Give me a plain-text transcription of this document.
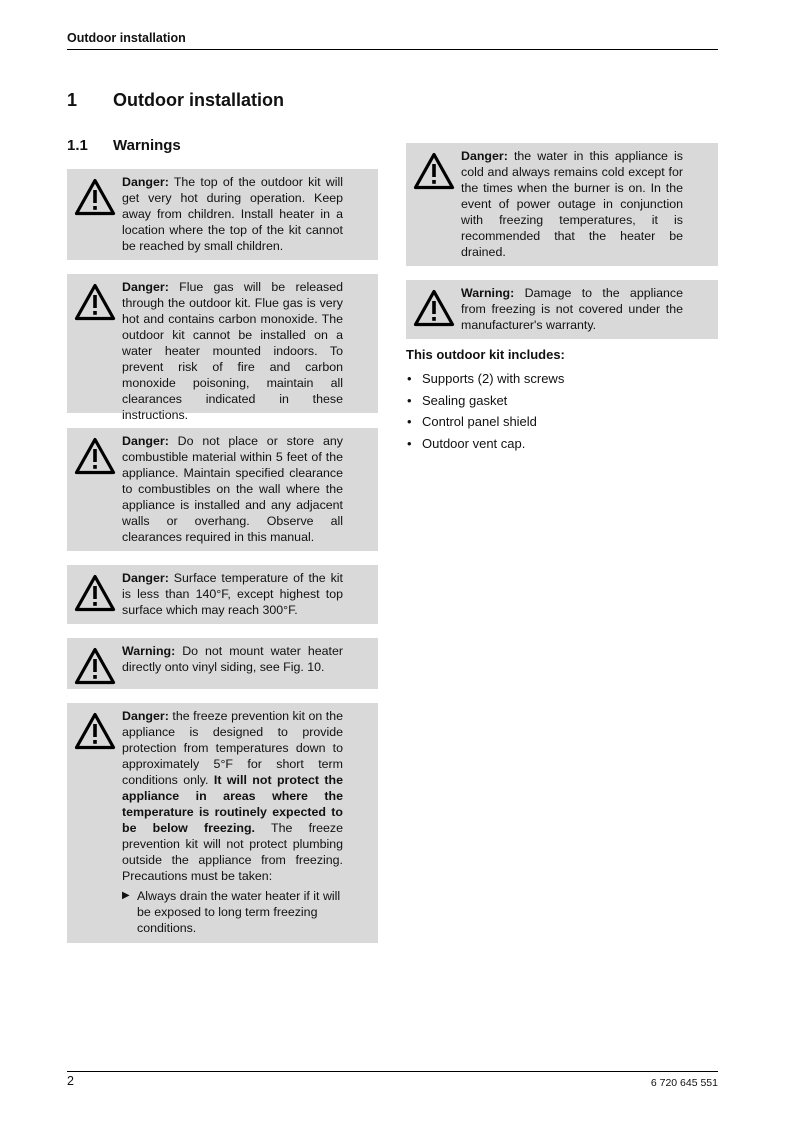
Outdoor installation
1 Outdoor installation
1.1 Warnings
Danger: The top of the outdoor kit will get very hot during operation. Keep away from children. Install heater in a location where the top of the kit cannot be reached by small children.
Danger: Flue gas will be released through the outdoor kit. Flue gas is very hot and contains carbon monoxide. The outdoor kit cannot be installed on a water heater mounted indoors. To prevent risk of fire and carbon monoxide poisoning, maintain all clearances indicated in these instructions.
Danger: Do not place or store any combustible material within 5 feet of the appliance. Maintain specified clearance to combustibles on the wall where the appliance is installed and any adjacent walls or overhang. Observe all clearances required in this manual.
Danger: Surface temperature of the kit is less than 140°F, except highest top surface which may reach 300°F.
Warning: Do not mount water heater directly onto vinyl siding, see Fig. 10.
Danger: the freeze prevention kit on the appliance is designed to provide protection from temperatures down to approximately 5°F for short term conditions only. It will not protect the appliance in areas where the temperature is routinely expected to be below freezing. The freeze prevention kit will not protect plumbing outside the appliance from freezing. Precautions must be taken:
▶ Always drain the water heater if it will be exposed to long term freezing conditions.
Danger: the water in this appliance is cold and always remains cold except for the times when the burner is on. In the event of power outage in conjunction with freezing temperatures, it is recommended that the heater be drained.
Warning: Damage to the appliance from freezing is not covered under the manufacturer's warranty.
This outdoor kit includes:
• Supports (2) with screws
• Sealing gasket
• Control panel shield
• Outdoor vent cap.
2	6 720 645 551
